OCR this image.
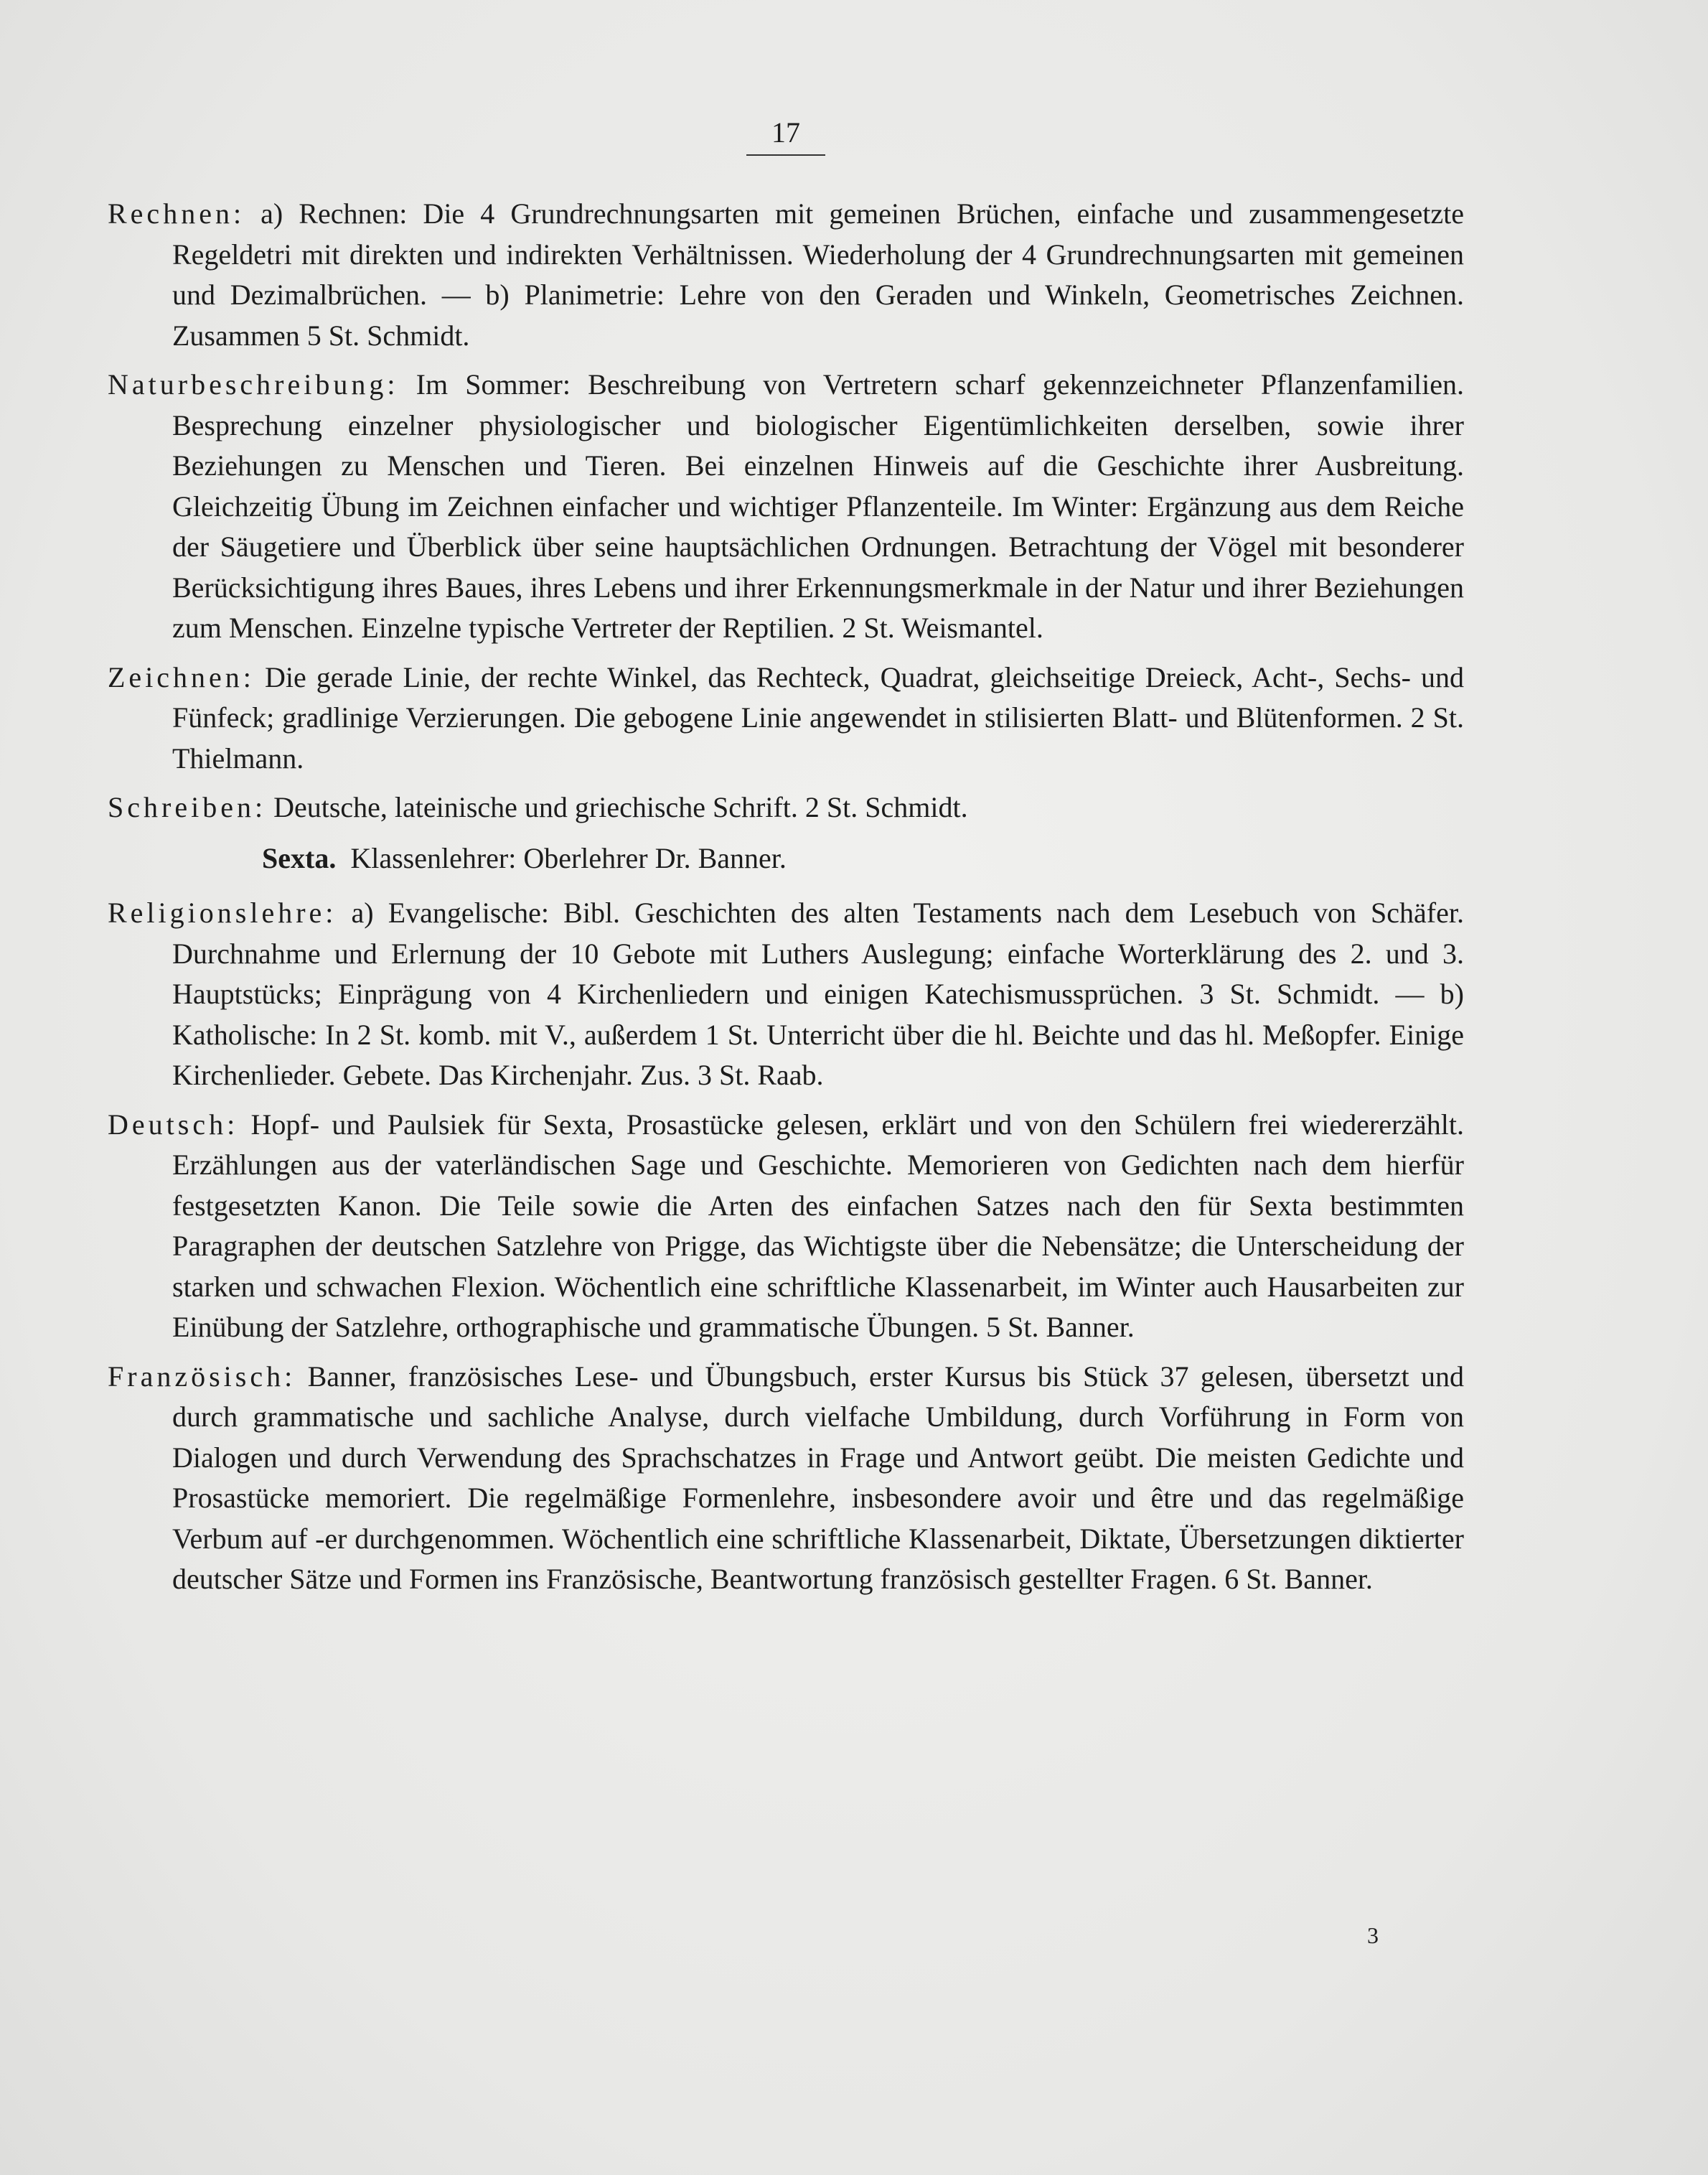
17

Rechnen: a) Rechnen: Die 4 Grundrechnungsarten mit gemeinen Brüchen, einfache und zusammengesetzte Regeldetri mit direkten und indirekten Verhältnissen. Wiederholung der 4 Grundrechnungsarten mit gemeinen und Dezimalbrüchen. — b) Planimetrie: Lehre von den Geraden und Winkeln, Geometrisches Zeichnen. Zusammen 5 St. Schmidt.

Naturbeschreibung: Im Sommer: Beschreibung von Vertretern scharf gekennzeichneter Pflanzenfamilien. Besprechung einzelner physiologischer und biologischer Eigentümlichkeiten derselben, sowie ihrer Beziehungen zu Menschen und Tieren. Bei einzelnen Hinweis auf die Geschichte ihrer Ausbreitung. Gleichzeitig Übung im Zeichnen einfacher und wichtiger Pflanzenteile. Im Winter: Ergänzung aus dem Reiche der Säugetiere und Überblick über seine hauptsächlichen Ordnungen. Betrachtung der Vögel mit besonderer Berücksichtigung ihres Baues, ihres Lebens und ihrer Erkennungsmerkmale in der Natur und ihrer Beziehungen zum Menschen. Einzelne typische Vertreter der Reptilien. 2 St. Weismantel.

Zeichnen: Die gerade Linie, der rechte Winkel, das Rechteck, Quadrat, gleichseitige Dreieck, Acht-, Sechs- und Fünfeck; gradlinige Verzierungen. Die gebogene Linie angewendet in stilisierten Blatt- und Blütenformen. 2 St. Thielmann.

Schreiben: Deutsche, lateinische und griechische Schrift. 2 St. Schmidt.

Sexta. Klassenlehrer: Oberlehrer Dr. Banner.

Religionslehre: a) Evangelische: Bibl. Geschichten des alten Testaments nach dem Lesebuch von Schäfer. Durchnahme und Erlernung der 10 Gebote mit Luthers Auslegung; einfache Worterklärung des 2. und 3. Hauptstücks; Einprägung von 4 Kirchenliedern und einigen Katechismussprüchen. 3 St. Schmidt. — b) Katholische: In 2 St. komb. mit V., außerdem 1 St. Unterricht über die hl. Beichte und das hl. Meßopfer. Einige Kirchenlieder. Gebete. Das Kirchenjahr. Zus. 3 St. Raab.

Deutsch: Hopf- und Paulsiek für Sexta, Prosastücke gelesen, erklärt und von den Schülern frei wiedererzählt. Erzählungen aus der vaterländischen Sage und Geschichte. Memorieren von Gedichten nach dem hierfür festgesetzten Kanon. Die Teile sowie die Arten des einfachen Satzes nach den für Sexta bestimmten Paragraphen der deutschen Satzlehre von Prigge, das Wichtigste über die Nebensätze; die Unterscheidung der starken und schwachen Flexion. Wöchentlich eine schriftliche Klassenarbeit, im Winter auch Hausarbeiten zur Einübung der Satzlehre, orthographische und grammatische Übungen. 5 St. Banner.

Französisch: Banner, französisches Lese- und Übungsbuch, erster Kursus bis Stück 37 gelesen, übersetzt und durch grammatische und sachliche Analyse, durch vielfache Umbildung, durch Vorführung in Form von Dialogen und durch Verwendung des Sprachschatzes in Frage und Antwort geübt. Die meisten Gedichte und Prosastücke memoriert. Die regelmäßige Formenlehre, insbesondere avoir und être und das regelmäßige Verbum auf -er durchgenommen. Wöchentlich eine schriftliche Klassenarbeit, Diktate, Übersetzungen diktierter deutscher Sätze und Formen ins Französische, Beantwortung französisch gestellter Fragen. 6 St. Banner.

3
